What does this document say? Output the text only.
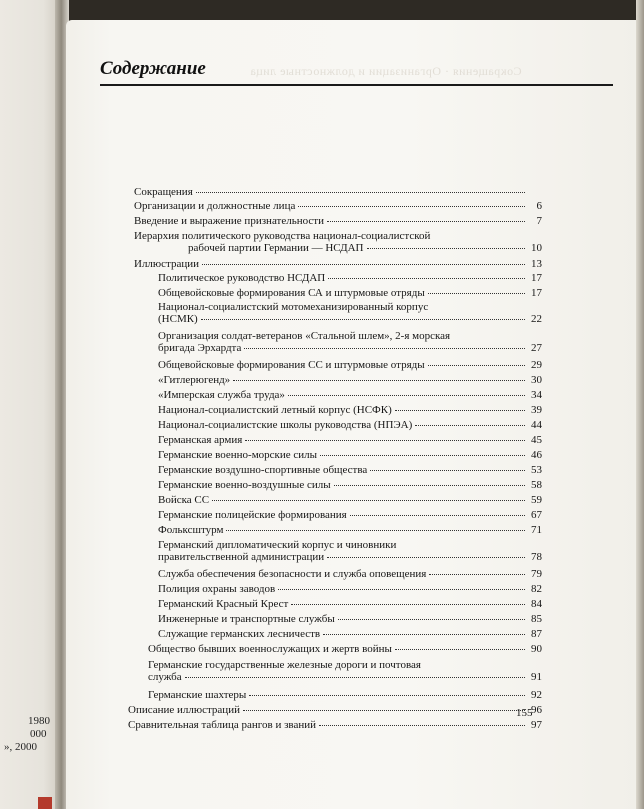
1980
000
», 2000
Сокращения · Организации и должностные лица
Содержание
Сокращения
Организации и должностные лица	6
Введение и выражение признательности	7
Иерархия политического руководства национал-социалистской
рабочей партии Германии — НСДАП	10
Иллюстрации	13
Политическое руководство НСДАП	17
Общевойсковые формирования СА и штурмовые отряды	17
Национал-социалистский мотомеханизированный корпус
(НСМК)	22
Организация солдат-ветеранов «Стальной шлем», 2-я морская
бригада Эрхардта	27
Общевойсковые формирования СС и штурмовые отряды	29
«Гитлерюгенд»	30
«Имперская служба труда»	34
Национал-социалистский летный корпус (НСФК)	39
Национал-социалистские школы руководства (НПЭА)	44
Германская армия	45
Германские военно-морские силы	46
Германские воздушно-спортивные общества	53
Германские военно-воздушные силы	58
Войска СС	59
Германские полицейские формирования	67
Фольксштурм	71
Германский дипломатический корпус и чиновники
правительственной администрации	78
Служба обеспечения безопасности и служба оповещения	79
Полиция охраны заводов	82
Германский Красный Крест	84
Инженерные и транспортные службы	85
Служащие германских лесничеств	87
Общество бывших военнослужащих и жертв войны	90
Германские государственные железные дороги и почтовая
служба	91
Германские шахтеры	92
Описание иллюстраций	96
Сравнительная таблица рангов и званий	97
155
